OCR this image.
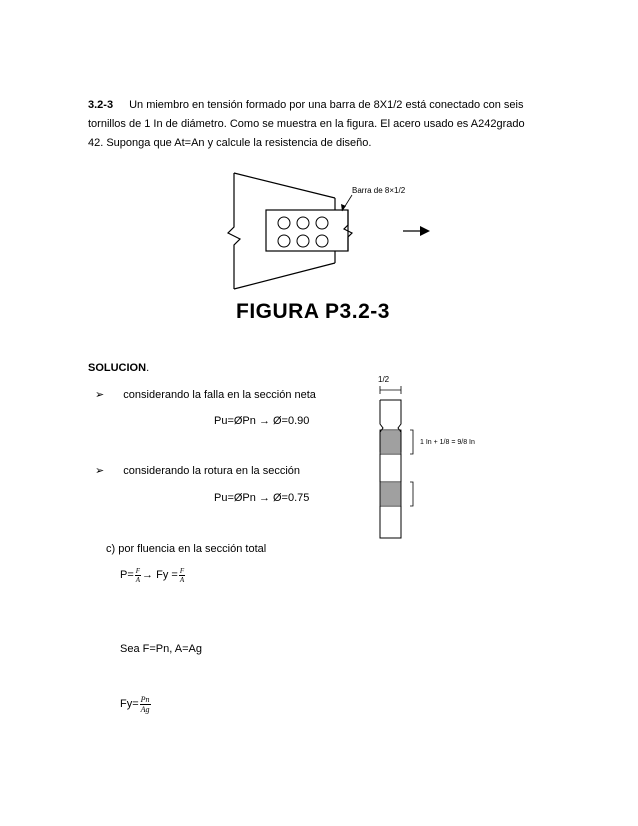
3.2-3 Un miembro en tensión formado por una barra de 8X1/2 está conectado con seis
tornillos de 1 In de diámetro. Como se muestra en la figura. El acero usado es A242grado
42. Suponga que At=An y calcule la resistencia de diseño.
Barra de 8×1/2
FIGURA P3.2-3
SOLUCION.
➢ considerando la falla en la sección neta
Pu=ØPn → Ø=0.90
➢ considerando la rotura en la sección
Pu=ØPn → Ø=0.75
c) por fluencia en la sección total
$P= \frac{F}{A} \to Fy = \frac{F}{A}$
Sea F=Pn, A=Ag
$Fy= \frac{Pn}{Ag}$
1/2
1 In + 1/8 = 9/8 In
